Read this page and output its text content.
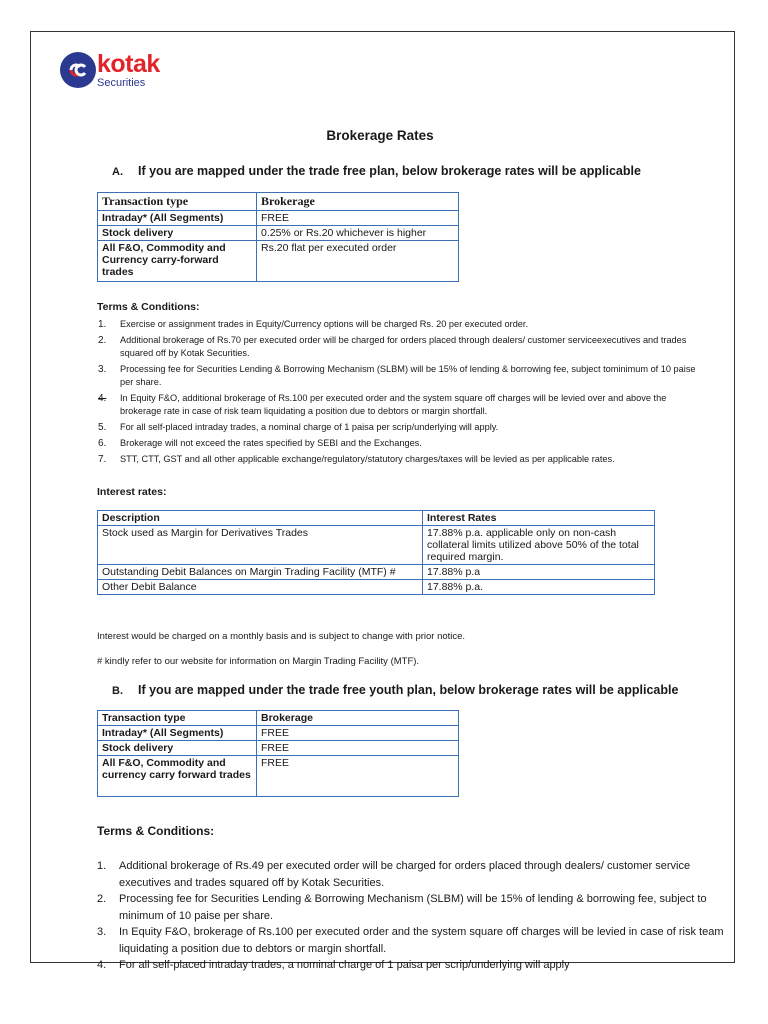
kotak
Securities
Brokerage Rates
A. If you are mapped under the trade free plan, below brokerage rates will be applicable
Transaction type	Brokerage
Intraday* (All Segments)	FREE
Stock delivery	0.25% or Rs.20 whichever is higher
All F&O, Commodity and Currency carry-forward trades	Rs.20 flat per executed order
Terms & Conditions:
1. Exercise or assignment trades in Equity/Currency options will be charged Rs. 20 per executed order.
2. Additional brokerage of Rs.70 per executed order will be charged for orders placed through dealers/ customer serviceexecutives and trades squared off by Kotak Securities.
3. Processing fee for Securities Lending & Borrowing Mechanism (SLBM) will be 15% of lending & borrowing fee, subject tominimum of 10 paise per share.
4. In Equity F&O, additional brokerage of Rs.100 per executed order and the system square off charges will be levied over and above the brokerage rate in case of risk team liquidating a position due to debtors or margin shortfall.
5. For all self-placed intraday trades, a nominal charge of 1 paisa per scrip/underlying will apply.
6. Brokerage will not exceed the rates specified by SEBI and the Exchanges.
7. STT, CTT, GST and all other applicable exchange/regulatory/statutory charges/taxes will be levied as per applicable rates.
Interest rates:
Description	Interest Rates
Stock used as Margin for Derivatives Trades	17.88% p.a. applicable only on non-cash collateral limits utilized above 50% of the total required margin.
Outstanding Debit Balances on Margin Trading Facility (MTF) #	17.88% p.a
Other Debit Balance	17.88% p.a.
Interest would be charged on a monthly basis and is subject to change with prior notice.
# kindly refer to our website for information on Margin Trading Facility (MTF).
B. If you are mapped under the trade free youth plan, below brokerage rates will be applicable
Transaction type	Brokerage
Intraday* (All Segments)	FREE
Stock delivery	FREE
All F&O, Commodity and currency carry forward trades	FREE
Terms & Conditions:
1. Additional brokerage of Rs.49 per executed order will be charged for orders placed through dealers/ customer service executives and trades squared off by Kotak Securities.
2. Processing fee for Securities Lending & Borrowing Mechanism (SLBM) will be 15% of lending & borrowing fee, subject to minimum of 10 paise per share.
3. In Equity F&O, brokerage of Rs.100 per executed order and the system square off charges will be levied in case of risk team liquidating a position due to debtors or margin shortfall.
4. For all self-placed intraday trades, a nominal charge of 1 paisa per scrip/underlying will apply
